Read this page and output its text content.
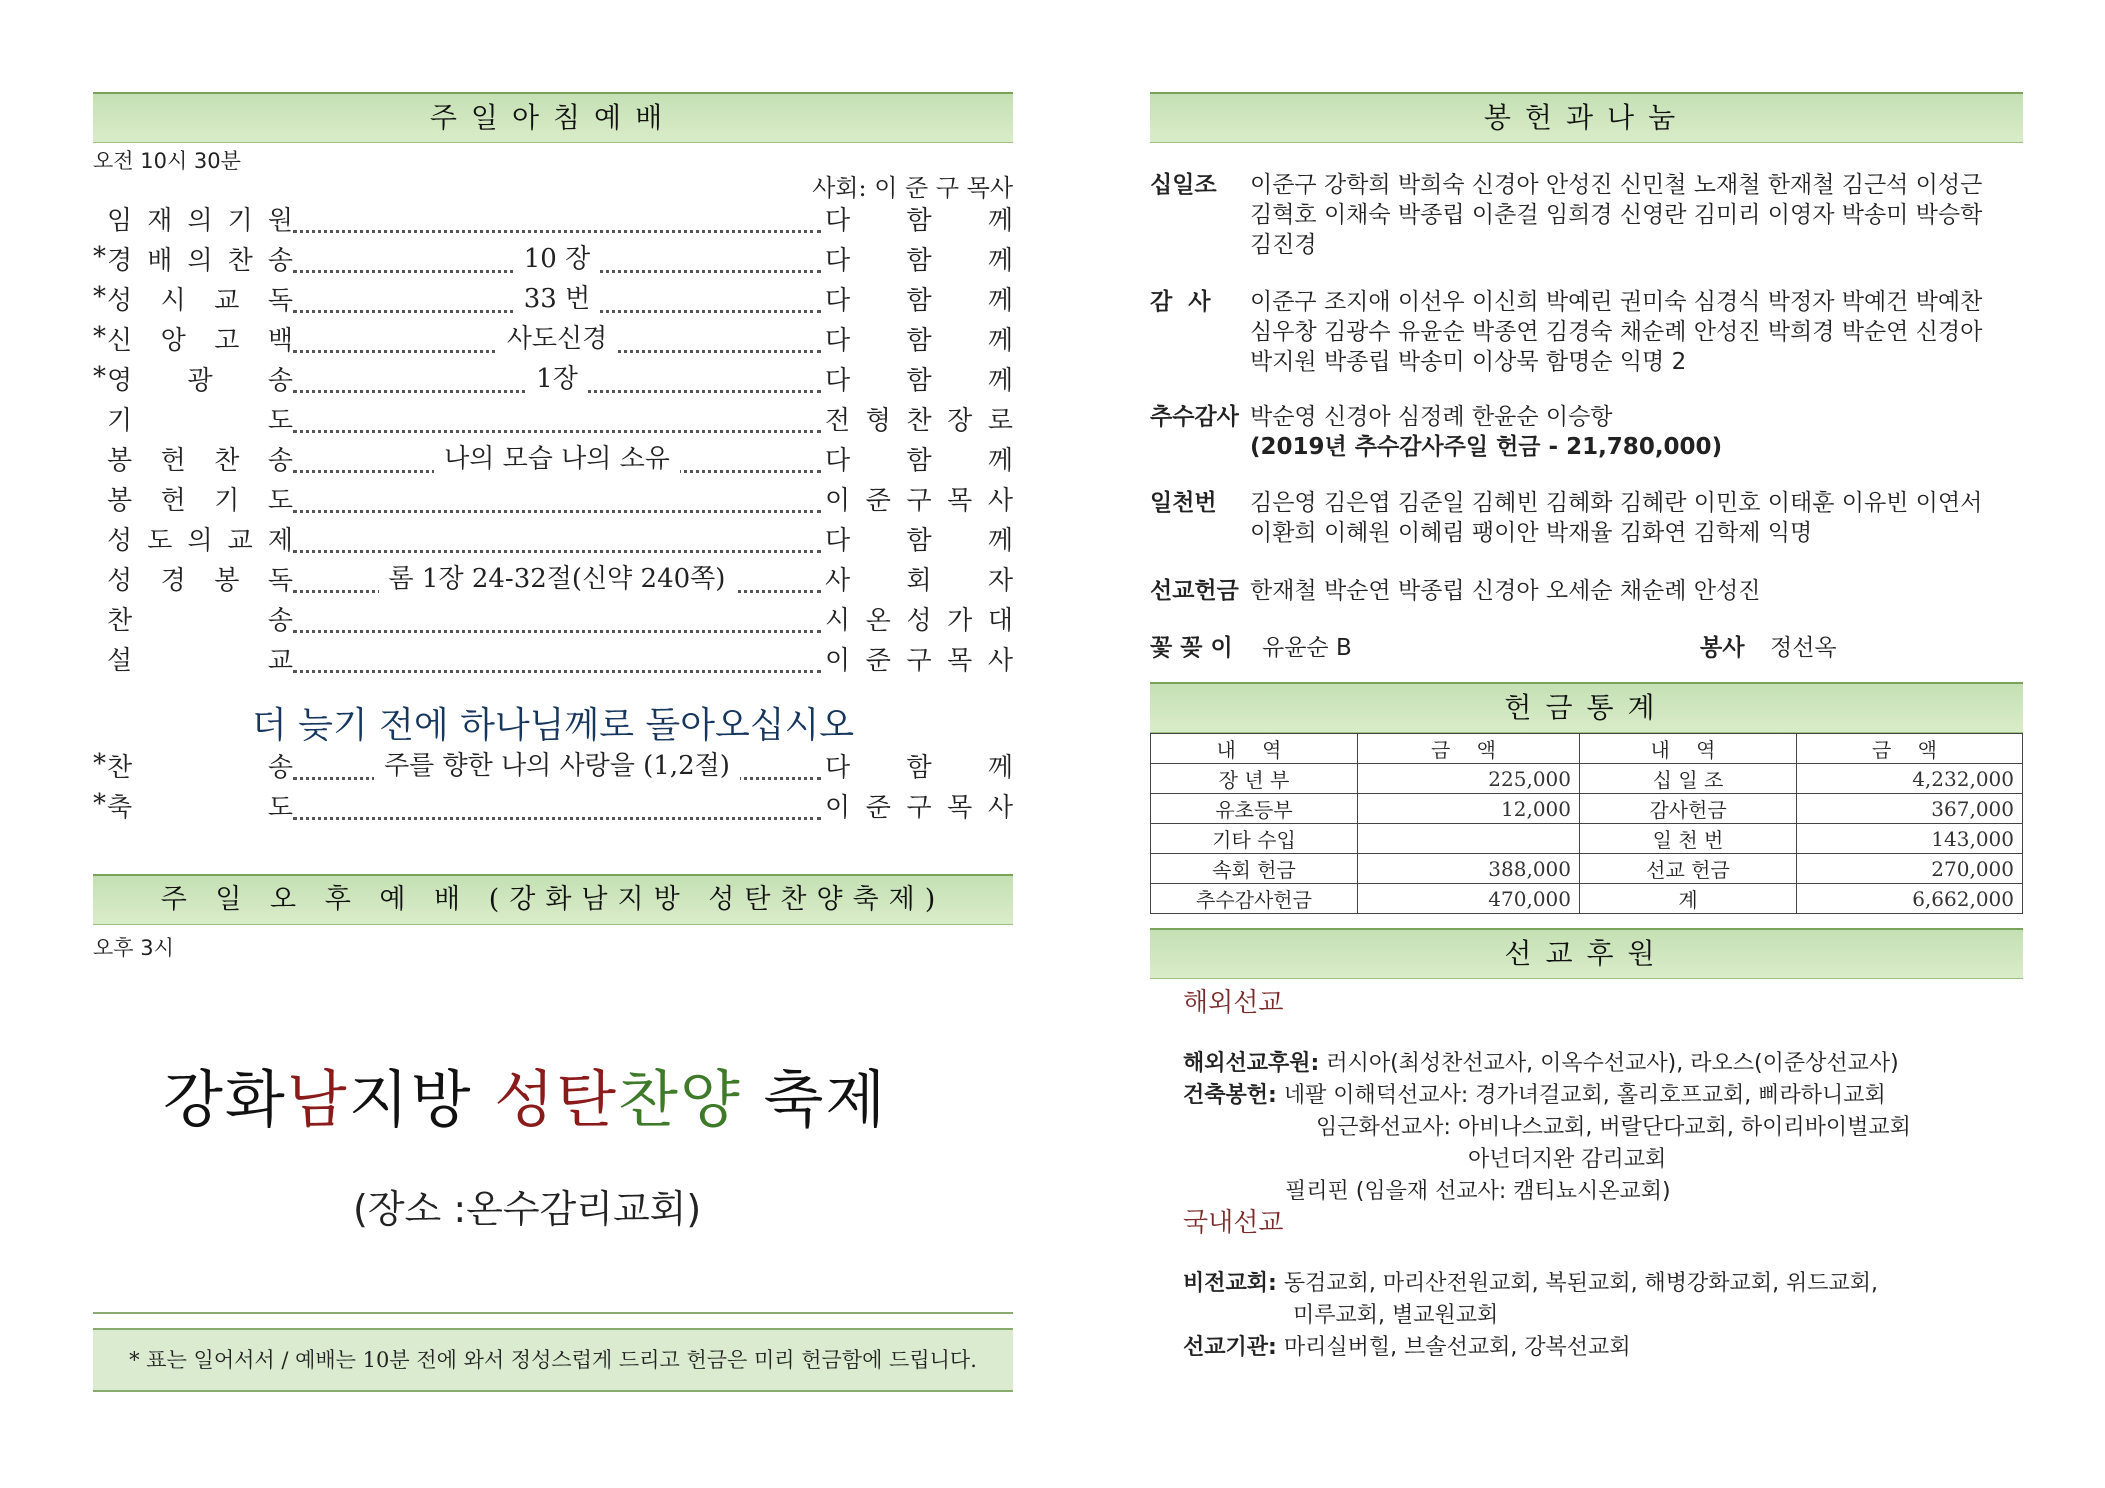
주일아침예배
오전 10시 30분
사회: 이 준 구 목사
임 재 의 기 원	다 함 께
* 경 배 의 찬 송	10 장	다 함 께
* 성 시 교 독	33 번	다 함 께
* 신 앙 고 백	사도신경	다 함 께
* 영 광 송	1장	다 함 께
기	도	전 형 찬 장 로
봉 헌 찬 송	나의 모습 나의 소유	다 함 께
봉 헌 기 도	이 준 구 목 사
성 도 의 교 제	다 함 께
성 경 봉 독	롬 1장 24-32절(신약 240쪽)	사 회 자
찬	송	시 온 성 가 대
설	교	이 준 구 목 사
더 늦기 전에 하나님께로 돌아오십시오
* 찬	송	주를 향한 나의 사랑을 (1,2절)	다 함 께
* 축	도	이 준 구 목 사
주 일 오 후 예 배 (강화남지방 성탄찬양축제)
오후 3시
강화남지방 성탄찬양 축제
(장소 :온수감리교회)
* 표는 일어서서 / 예배는 10분 전에 와서 정성스럽게 드리고 헌금은 미리 헌금함에 드립니다.
봉헌과나눔
십일조	이준구 강학희 박희숙 신경아 안성진 신민철 노재철 한재철 김근석 이성근
김혁호 이채숙 박종립 이춘걸 임희경 신영란 김미리 이영자 박송미 박승학
김진경
감  사	이준구 조지애 이선우 이신희 박예린 권미숙 심경식 박정자 박예건 박예찬
심우창 김광수 유윤순 박종연 김경숙 채순례 안성진 박희경 박순연 신경아
박지원 박종립 박송미 이상묵 함명순 익명 2
추수감사 박순영 신경아 심정례 한윤순 이승항
(2019년 추수감사주일 헌금 - 21,780,000)
일천번	김은영 김은엽 김준일 김혜빈 김혜화 김혜란 이민호 이태훈 이유빈 이연서
이환희 이혜원 이혜림 팽이안 박재율 김화연 김학제 익명
선교헌금 한재철 박순연 박종립 신경아 오세순 채순례 안성진
꽃 꽂 이	유윤순 B	봉사 정선옥
헌금통계
내 역	금 액	내 역	금 액
장 년 부	225,000	십 일 조	4,232,000
유초등부	12,000	감사헌금	367,000
기타 수입		일 천 번	143,000
속회 헌금	388,000	선교 헌금	270,000
추수감사헌금	470,000	계	6,662,000
선교후원
해외선교
해외선교후원: 러시아(최성찬선교사, 이옥수선교사), 라오스(이준상선교사)
건축봉헌: 네팔 이해덕선교사: 경가녀걸교회, 홀리호프교회, 삐라하니교회
임근화선교사: 아비나스교회, 버랄단다교회, 하이리바이벌교회
아넌더지완 감리교회
필리핀 (임을재 선교사: 캠티뇨시온교회)
국내선교
비전교회: 동검교회, 마리산전원교회, 복된교회, 해병강화교회, 위드교회,
미루교회, 별교원교회
선교기관: 마리실버힐, 브솔선교회, 강복선교회
